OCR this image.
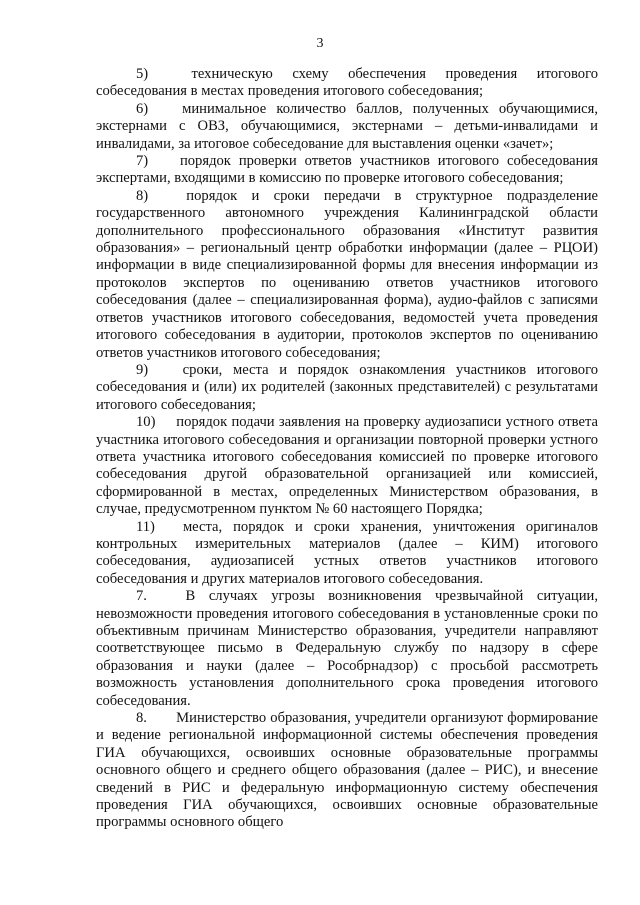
3

5)	техническую схему обеспечения проведения итогового собеседования в местах проведения итогового собеседования;

6) минимальное количество баллов, полученных обучающимися, экстернами с ОВЗ, обучающимися, экстернами – детьми-инвалидами и инвалидами, за итоговое собеседование для выставления оценки «зачет»;

7) порядок проверки ответов участников итогового собеседования экспертами, входящими в комиссию по проверке итогового собеседования;

8)	порядок и сроки передачи в структурное подразделение государственного автономного учреждения Калининградской области дополнительного профессионального образования «Институт развития образования» – региональный центр обработки информации (далее – РЦОИ) информации в виде специализированной формы для внесения информации из протоколов экспертов по оцениванию ответов участников итогового собеседования (далее – специализированная форма), аудио-файлов с записями ответов участников итогового собеседования, ведомостей учета проведения итогового собеседования в аудитории, протоколов экспертов по оцениванию ответов участников итогового собеседования;

9) сроки, места и порядок ознакомления участников итогового собеседования и (или) их родителей (законных представителей) с результатами итогового собеседования;

10) порядок подачи заявления на проверку аудиозаписи устного ответа участника итогового собеседования и организации повторной проверки устного ответа участника итогового собеседования комиссией по проверке итогового собеседования другой образовательной организацией или комиссией, сформированной в местах, определенных Министерством образования, в случае, предусмотренном пунктом № 60 настоящего Порядка;

11) места, порядок и сроки хранения, уничтожения оригиналов контрольных измерительных материалов (далее – КИМ) итогового собеседования, аудиозаписей устных ответов участников итогового собеседования и других материалов итогового собеседования.

7.	В случаях угрозы возникновения чрезвычайной ситуации, невозможности проведения итогового собеседования в установленные сроки по объективным причинам Министерство образования, учредители направляют соответствующее письмо в Федеральную службу по надзору в сфере образования и науки (далее – Рособрнадзор) с просьбой рассмотреть возможность установления дополнительного срока проведения итогового собеседования.

8. Министерство образования, учредители организуют формирование и ведение региональной информационной системы обеспечения проведения ГИА обучающихся, освоивших основные образовательные программы основного общего и среднего общего образования (далее – РИС), и внесение сведений в РИС и федеральную информационную систему обеспечения проведения ГИА обучающихся, освоивших основные образовательные программы основного общего
